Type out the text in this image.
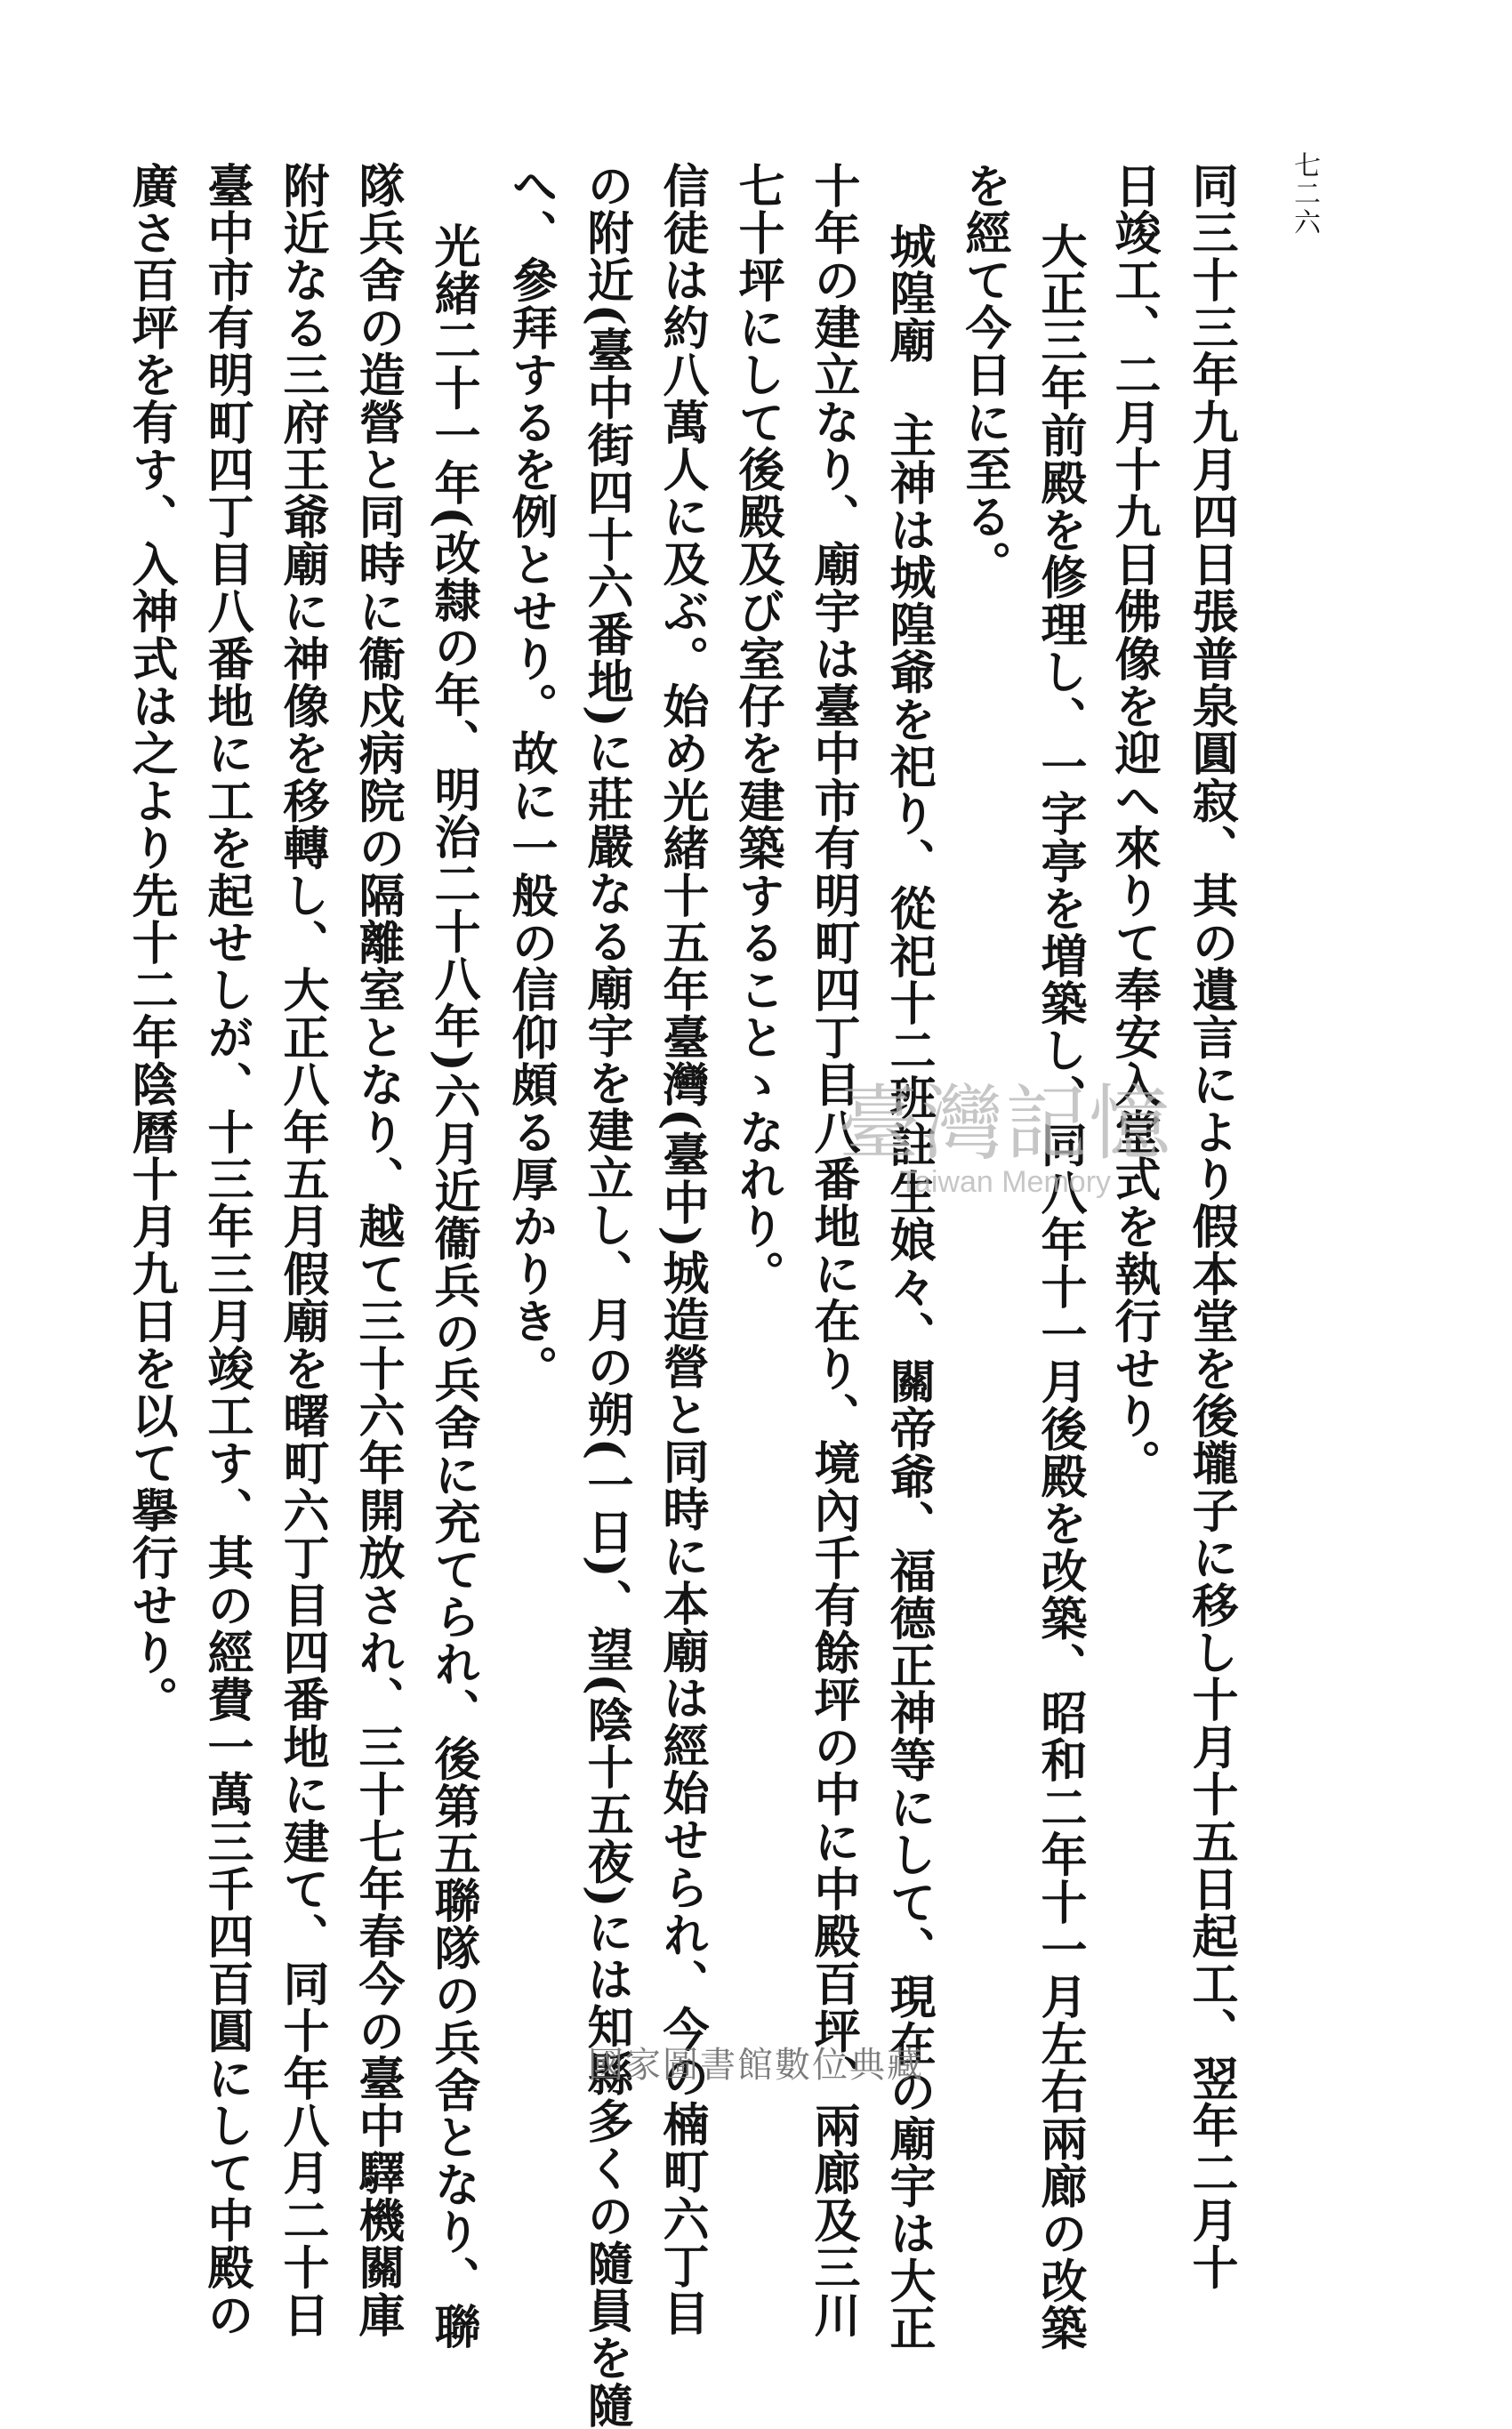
七二六
同三十三年九月四日張普泉圓寂、其の遺言により假本堂を後壠子に移し十月十五日起工、翌年二月十
日竣工、二月十九日佛像を迎へ來りて奉安入堂式を執行せり。
大正三年前殿を修理し、一字亭を増築し、同八年十一月後殿を改築、昭和二年十一月左右兩廊の改築
を經て今日に至る。
城隍廟　主神は城隍爺を祀り、從祀十二班註生娘々、關帝爺、福德正神等にして、現在の廟宇は大正
十年の建立なり、廟宇は臺中市有明町四丁目八番地に在り、境內千有餘坪の中に中殿百坪、兩廊及三川
七十坪にして後殿及び室仔を建築することゝなれり。
信徒は約八萬人に及ぶ。始め光緒十五年臺灣(臺中)城造營と同時に本廟は經始せられ、今の楠町六丁目
の附近(臺中街四十六番地)に莊嚴なる廟宇を建立し、月の朔(一日)、望(陰十五夜)には知縣多くの隨員を隨
へ、參拜するを例とせり。故に一般の信仰頗る厚かりき。
光緒二十一年(改隸の年、明治二十八年)六月近衞兵の兵舍に充てられ、後第五聯隊の兵舍となり、聯
隊兵舍の造營と同時に衞戍病院の隔離室となり、越て三十六年開放され、三十七年春今の臺中驛機關庫
附近なる三府王爺廟に神像を移轉し、大正八年五月假廟を曙町六丁目四番地に建て、同十年八月二十日
臺中市有明町四丁目八番地に工を起せしが、十三年三月竣工す、其の經費一萬三千四百圓にして中殿の
廣さ百坪を有す、入神式は之より先十二年陰曆十月九日を以て擧行せり。	臺灣記憶
Taiwan Memory
國家圖書館數位典藏
